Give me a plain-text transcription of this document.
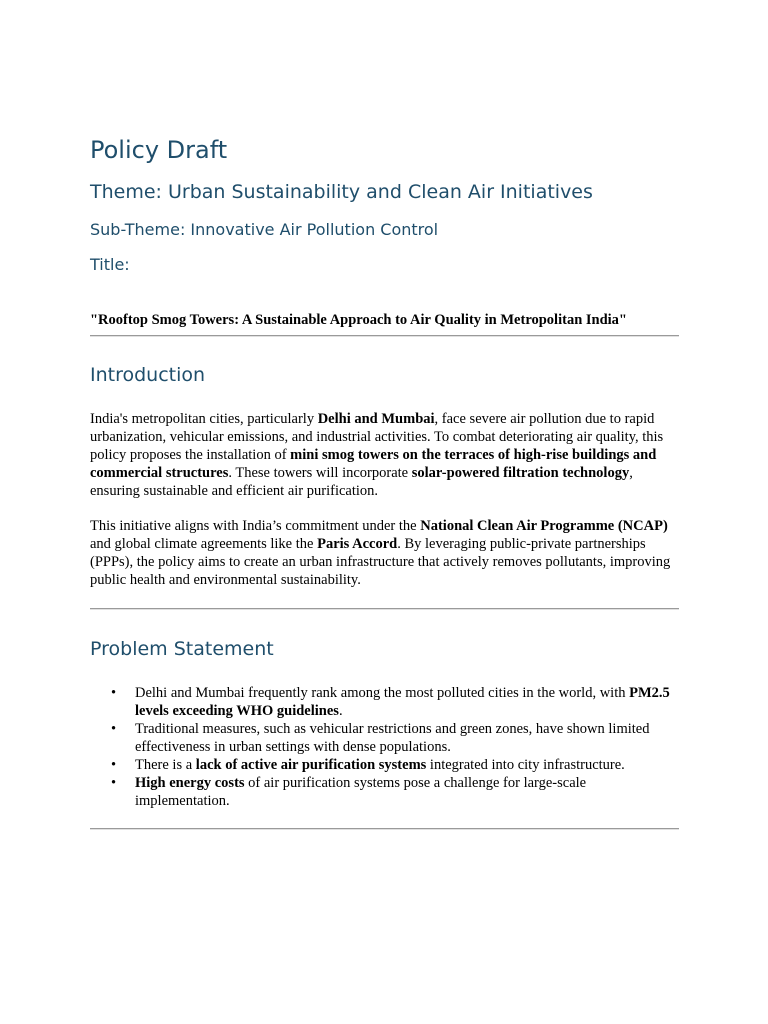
Policy Draft
Theme: Urban Sustainability and Clean Air Initiatives
Sub-Theme: Innovative Air Pollution Control
Title:

"Rooftop Smog Towers: A Sustainable Approach to Air Quality in Metropolitan India"

Introduction

India's metropolitan cities, particularly Delhi and Mumbai, face severe air pollution due to rapid urbanization, vehicular emissions, and industrial activities. To combat deteriorating air quality, this policy proposes the installation of mini smog towers on the terraces of high-rise buildings and commercial structures. These towers will incorporate solar-powered filtration technology, ensuring sustainable and efficient air purification.

This initiative aligns with India’s commitment under the National Clean Air Programme (NCAP) and global climate agreements like the Paris Accord. By leveraging public-private partnerships (PPPs), the policy aims to create an urban infrastructure that actively removes pollutants, improving public health and environmental sustainability.

Problem Statement
• Delhi and Mumbai frequently rank among the most polluted cities in the world, with PM2.5 levels exceeding WHO guidelines.
• Traditional measures, such as vehicular restrictions and green zones, have shown limited effectiveness in urban settings with dense populations.
• There is a lack of active air purification systems integrated into city infrastructure.
• High energy costs of air purification systems pose a challenge for large-scale implementation.
